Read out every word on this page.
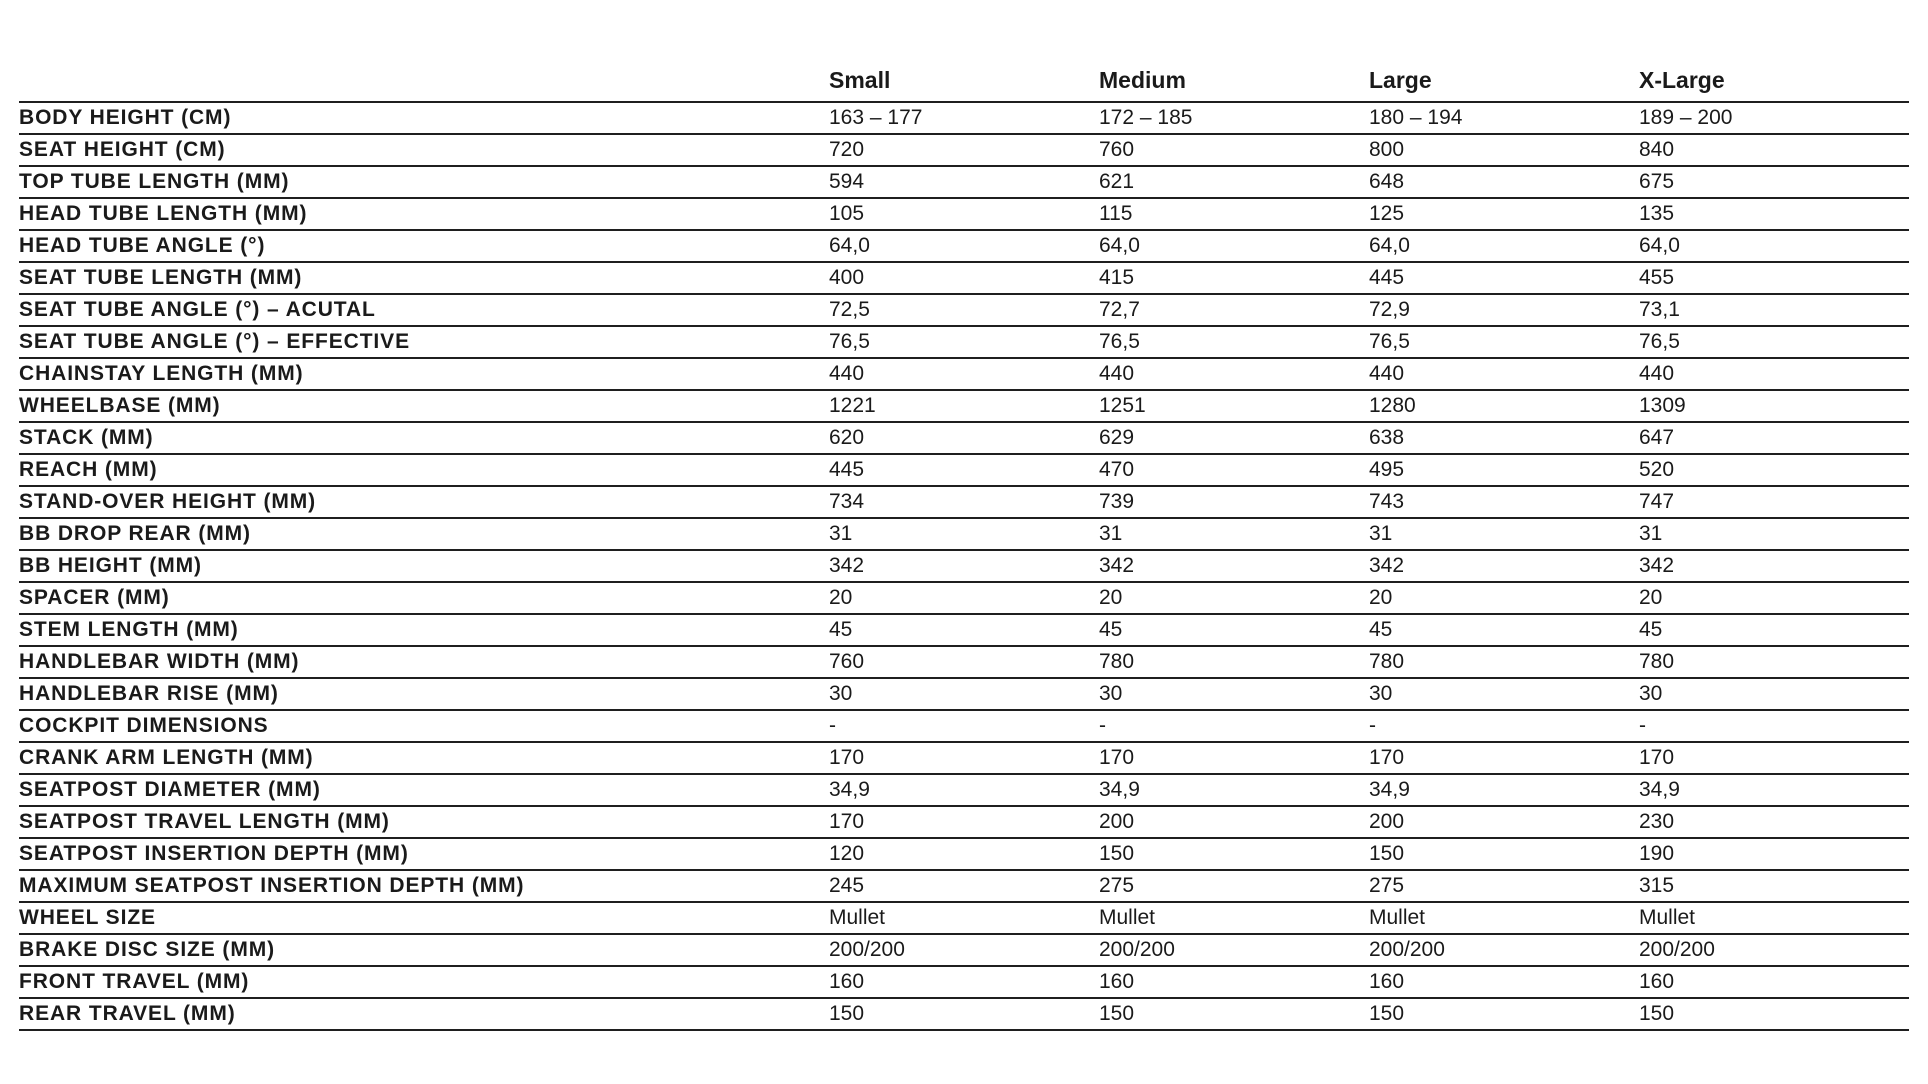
	Small	Medium	Large	X-Large
BODY HEIGHT (CM)	163 – 177	172 – 185	180 – 194	189 – 200
SEAT HEIGHT (CM)	720	760	800	840
TOP TUBE LENGTH (MM)	594	621	648	675
HEAD TUBE LENGTH (MM)	105	115	125	135
HEAD TUBE ANGLE (°)	64,0	64,0	64,0	64,0
SEAT TUBE LENGTH (MM)	400	415	445	455
SEAT TUBE ANGLE (°) – ACUTAL	72,5	72,7	72,9	73,1
SEAT TUBE ANGLE (°) – EFFECTIVE	76,5	76,5	76,5	76,5
CHAINSTAY LENGTH (MM)	440	440	440	440
WHEELBASE (MM)	1221	1251	1280	1309
STACK (MM)	620	629	638	647
REACH (MM)	445	470	495	520
STAND-OVER HEIGHT (MM)	734	739	743	747
BB DROP REAR (MM)	31	31	31	31
BB HEIGHT (MM)	342	342	342	342
SPACER (MM)	20	20	20	20
STEM LENGTH (MM)	45	45	45	45
HANDLEBAR WIDTH (MM)	760	780	780	780
HANDLEBAR RISE (MM)	30	30	30	30
COCKPIT DIMENSIONS	-	-	-	-
CRANK ARM LENGTH (MM)	170	170	170	170
SEATPOST DIAMETER (MM)	34,9	34,9	34,9	34,9
SEATPOST TRAVEL LENGTH (MM)	170	200	200	230
SEATPOST INSERTION DEPTH (MM)	120	150	150	190
MAXIMUM SEATPOST INSERTION DEPTH (MM)	245	275	275	315
WHEEL SIZE	Mullet	Mullet	Mullet	Mullet
BRAKE DISC SIZE (MM)	200/200	200/200	200/200	200/200
FRONT TRAVEL (MM)	160	160	160	160
REAR TRAVEL (MM)	150	150	150	150
